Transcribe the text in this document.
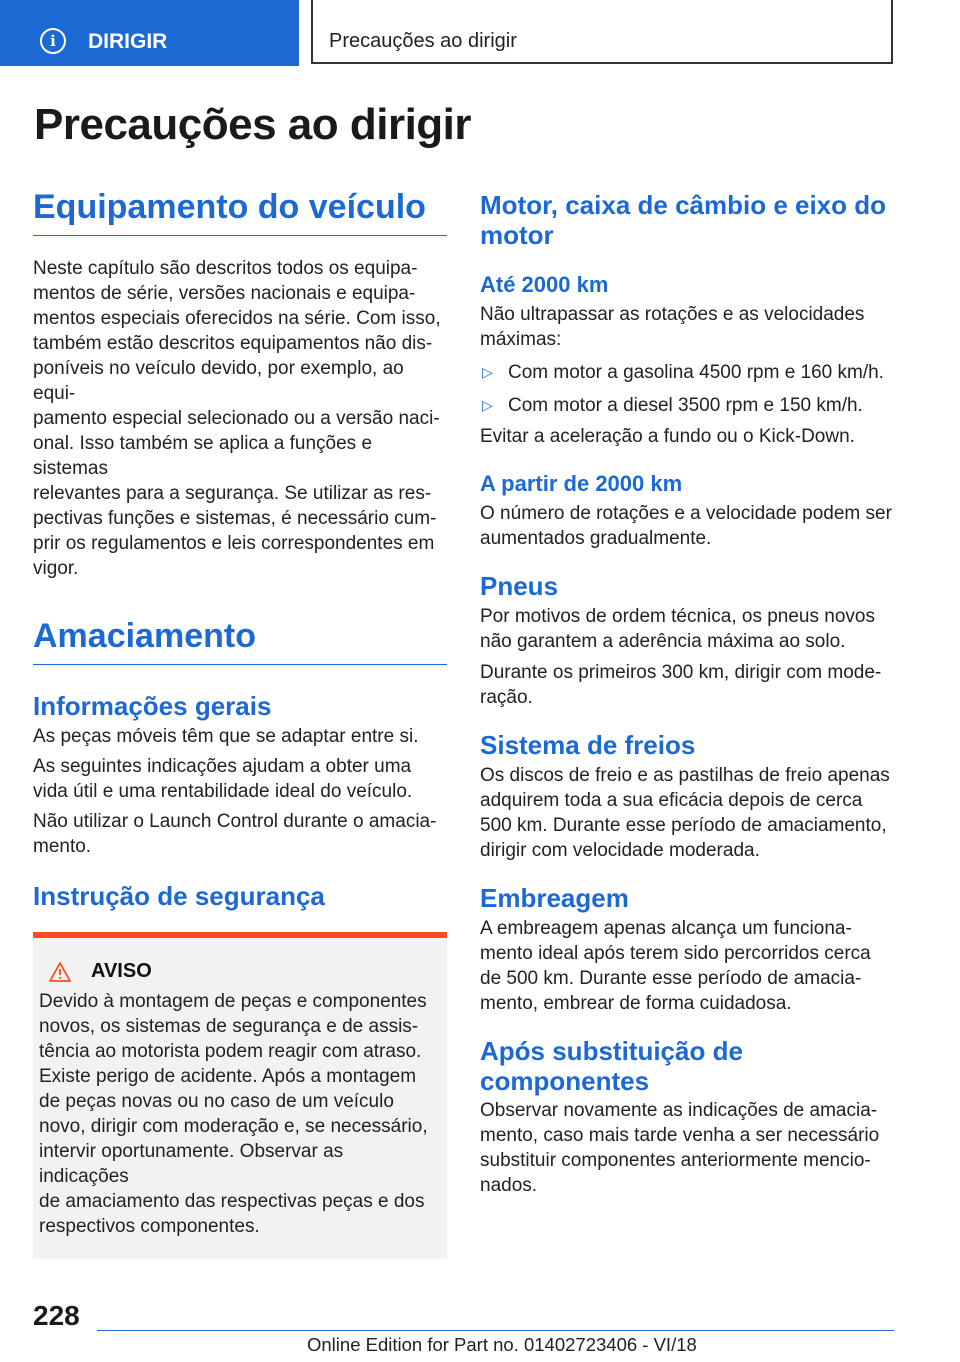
i	DIRIGIR	Precauções ao dirigir
Precauções ao dirigir
Equipamento do veículo

Neste capítulo são descritos todos os equipa-
mentos de série, versões nacionais e equipa-
mentos especiais oferecidos na série. Com isso,
também estão descritos equipamentos não dis-
poníveis no veículo devido, por exemplo, ao equi-
pamento especial selecionado ou a versão naci-
onal. Isso também se aplica a funções e sistemas
relevantes para a segurança. Se utilizar as res-
pectivas funções e sistemas, é necessário cum-
prir os regulamentos e leis correspondentes em
vigor.

Amaciamento
Informações gerais

As peças móveis têm que se adaptar entre si.

As seguintes indicações ajudam a obter uma
vida útil e uma rentabilidade ideal do veículo.

Não utilizar o Launch Control durante o amacia-
mento.

Instrução de segurança
AVISO

Devido à montagem de peças e componentes
novos, os sistemas de segurança e de assis-
tência ao motorista podem reagir com atraso.
Existe perigo de acidente. Após a montagem
de peças novas ou no caso de um veículo
novo, dirigir com moderação e, se necessário,
intervir oportunamente. Observar as indicações
de amaciamento das respectivas peças e dos
respectivos componentes.

Motor, caixa de câmbio e eixo do
motor
Até 2000 km

Não ultrapassar as rotações e as velocidades
máximas:

▷ Com motor a gasolina 4500 rpm e 160 km/h.
▷ Com motor a diesel 3500 rpm e 150 km/h.

Evitar a aceleração a fundo ou o Kick-Down.

A partir de 2000 km

O número de rotações e a velocidade podem ser
aumentados gradualmente.

Pneus

Por motivos de ordem técnica, os pneus novos
não garantem a aderência máxima ao solo.

Durante os primeiros 300 km, dirigir com mode-
ração.

Sistema de freios

Os discos de freio e as pastilhas de freio apenas
adquirem toda a sua eficácia depois de cerca
500 km. Durante esse período de amaciamento,
dirigir com velocidade moderada.

Embreagem

A embreagem apenas alcança um funciona-
mento ideal após terem sido percorridos cerca
de 500 km. Durante esse período de amacia-
mento, embrear de forma cuidadosa.

Após substituição de
componentes

Observar novamente as indicações de amacia-
mento, caso mais tarde venha a ser necessário
substituir componentes anteriormente mencio-
nados.

228
Online Edition for Part no. 01402723406 - VI/18
